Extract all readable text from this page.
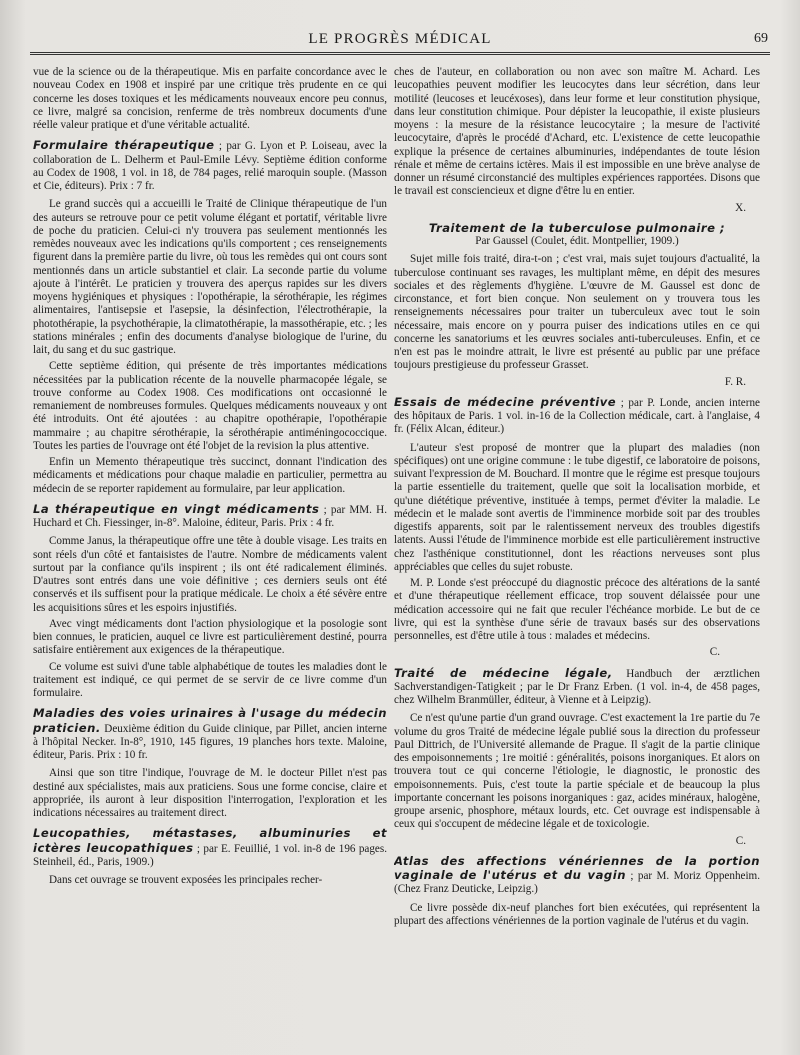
LE PROGRÈS MÉDICAL	69

vue de la science ou de la thérapeutique. Mis en parfaite concordance avec le nouveau Codex en 1908 et inspiré par une critique très prudente en ce qui concerne les doses toxiques et les médicaments nouveaux encore peu connus, ce livre, malgré sa concision, renferme de très nombreux documents d'une réelle valeur pratique et d'une véritable actualité.

Formulaire thérapeutique ; par G. Lyon et P. Loiseau, avec la collaboration de L. Delherm et Paul-Emile Lévy. Septième édition conforme au Codex de 1908, 1 vol. in 18, de 784 pages, relié maroquin souple. (Masson et Cie, éditeurs). Prix : 7 fr.

Le grand succès qui a accueilli le Traité de Clinique thérapeutique de l'un des auteurs se retrouve pour ce petit volume élégant et portatif, véritable livre de poche du praticien. Celui-ci n'y trouvera pas seulement mentionnés les remèdes nouveaux avec les indications qu'ils comportent ; ces renseignements figurent dans la première partie du livre, où tous les remèdes qui ont cours sont mentionnés dans un article substantiel et clair. La seconde partie du volume ajoute à l'intérêt. Le praticien y trouvera des aperçus rapides sur les divers moyens hygiéniques et physiques : l'opothérapie, la sérothérapie, les régimes alimentaires, l'antisepsie et l'asepsie, la désinfection, l'électrothérapie, la photothérapie, la psychothérapie, la climatothérapie, la massothérapie, etc. ; les stations minérales ; enfin des documents d'analyse biologique de l'urine, du lait, du sang et du suc gastrique.

Cette septième édition, qui présente de très importantes médications nécessitées par la publication récente de la nouvelle pharmacopée légale, se trouve conforme au Codex 1908. Ces modifications ont occasionné le remaniement de nombreuses formules. Quelques médicaments nouveaux y ont été introduits. Ont été ajoutées : au chapitre opothérapie, l'opothérapie mammaire ; au chapitre sérothérapie, la sérothérapie antiméningococcique. Toutes les parties de l'ouvrage ont été l'objet de la revision la plus attentive.

Enfin un Memento thérapeutique très succinct, donnant l'indication des médicaments et médications pour chaque maladie en particulier, permettra au médecin de se reporter rapidement au formulaire, par leur application.

La thérapeutique en vingt médicaments ; par MM. H. Huchard et Ch. Fiessinger, in-8°. Maloine, éditeur, Paris. Prix : 4 fr.

Comme Janus, la thérapeutique offre une tête à double visage. Les traits en sont réels d'un côté et fantaisistes de l'autre. Nombre de médicaments valent surtout par la confiance qu'ils inspirent ; ils ont été radicalement éliminés. D'autres sont entrés dans une voie définitive ; ces derniers seuls ont été conservés et ils suffisent pour la pratique médicale. Le choix a été sévère entre les acquisitions sûres et les espoirs injustifiés.

Avec vingt médicaments dont l'action physiologique et la posologie sont bien connues, le praticien, auquel ce livre est particulièrement destiné, pourra satisfaire entièrement aux exigences de la thérapeutique.

Ce volume est suivi d'une table alphabétique de toutes les maladies dont le traitement est indiqué, ce qui permet de se servir de ce livre comme d'un formulaire.

Maladies des voies urinaires à l'usage du médecin praticien. Deuxième édition du Guide clinique, par Pillet, ancien interne à l'hôpital Necker. In-8°, 1910, 145 figures, 19 planches hors texte. Maloine, éditeur, Paris. Prix : 10 fr.

Ainsi que son titre l'indique, l'ouvrage de M. le docteur Pillet n'est pas destiné aux spécialistes, mais aux praticiens. Sous une forme concise, claire et appropriée, ils auront à leur disposition l'interrogation, l'exploration et les indications nécessaires au traitement direct.

Leucopathies, métastases, albuminuries et ictères leucopathiques ; par E. Feuillié, 1 vol. in-8 de 196 pages. Steinheil, éd., Paris, 1909.)

Dans cet ouvrage se trouvent exposées les principales recher-

ches de l'auteur, en collaboration ou non avec son maître M. Achard. Les leucopathies peuvent modifier les leucocytes dans leur sécrétion, dans leur motilité (leucoses et leucéxoses), dans leur forme et leur constitution physique, dans leur constitution chimique. Pour dépister la leucopathie, il existe plusieurs moyens : la mesure de la résistance leucocytaire ; la mesure de l'activité leucocytaire, d'après le procédé d'Achard, etc. L'existence de cette leucopathie explique la présence de certaines albuminuries, indépendantes de toute lésion rénale et même de certains ictères. Mais il est impossible en une brève analyse de donner un résumé circonstancié des multiples expériences rapportées. Disons que le travail est consciencieux et digne d'être lu en entier.

X.
Traitement de la tuberculose pulmonaire ;
Par Gaussel (Coulet, édit. Montpellier, 1909.)

Sujet mille fois traité, dira-t-on ; c'est vrai, mais sujet toujours d'actualité, la tuberculose continuant ses ravages, les multiplant même, en dépit des mesures sociales et des règlements d'hygiène. L'œuvre de M. Gaussel est donc de circonstance, et fort bien conçue. Non seulement on y trouvera tous les renseignements nécessaires pour traiter un tuberculeux avec tout le soin nécessaire, mais encore on y pourra puiser des indications utiles en ce qui concerne les sanatoriums et les œuvres sociales anti-tuberculeuses. Enfin, et ce n'en est pas le moindre attrait, le livre est présenté au public par une préface toujours prestigieuse du professeur Grasset.

F. R.
Essais de médecine préventive ; par P. Londe, ancien interne des hôpitaux de Paris. 1 vol. in-16 de la Collection médicale, cart. à l'anglaise, 4 fr. (Félix Alcan, éditeur.)

L'auteur s'est proposé de montrer que la plupart des maladies (non spécifiques) ont une origine commune : le tube digestif, ce laboratoire de poisons, suivant l'expression de M. Bouchard. Il montre que le régime est presque toujours la partie essentielle du traitement, quelle que soit la localisation morbide, et qu'une diététique préventive, instituée à temps, permet d'éviter la maladie. Le médecin et le malade sont avertis de l'imminence morbide soit par des troubles digestifs apparents, soit par le ralentissement nerveux des troubles digestifs latents. Aussi l'étude de l'imminence morbide est elle particulièrement instructive chez l'asthénique constitutionnel, dont les réactions nerveuses sont plus appréciables que celles du sujet robuste.

M. P. Londe s'est préoccupé du diagnostic précoce des altérations de la santé et d'une thérapeutique réellement efficace, trop souvent délaissée pour une médication accessoire qui ne fait que reculer l'échéance morbide. Le but de ce livre, qui est la synthèse d'une série de travaux basés sur des observations personnelles, est d'être utile à tous : malades et médecins.

C.
Traité de médecine légale, Handbuch der ærztlichen Sachverstandigen-Tatigkeit ; par le Dr Franz Erben. (1 vol. in-4, de 458 pages, chez Wilhelm Branmüller, éditeur, à Vienne et à Leipzig).

Ce n'est qu'une partie d'un grand ouvrage. C'est exactement la 1re partie du 7e volume du gros Traité de médecine légale publié sous la direction du professeur Paul Dittrich, de l'Université allemande de Prague. Il s'agit de la partie clinique des empoisonnements ; 1re moitié : généralités, poisons inorganiques. Et alors on trouvera tout ce qui concerne l'étiologie, le diagnostic, le pronostic des empoisonnements. Puis, c'est toute la partie spéciale et de beaucoup la plus importante concernant les poisons inorganiques : gaz, acides minéraux, halogène, groupe arsenic, phosphore, métaux lourds, etc. Cet ouvrage est indispensable à ceux qui s'occupent de médecine légale et de toxicologie.

C.
Atlas des affections vénériennes de la portion vaginale de l'utérus et du vagin ; par M. Moriz Oppenheim. (Chez Franz Deuticke, Leipzig.)

Ce livre possède dix-neuf planches fort bien exécutées, qui représentent la plupart des affections vénériennes de la portion vaginale de l'utérus et du vagin.
